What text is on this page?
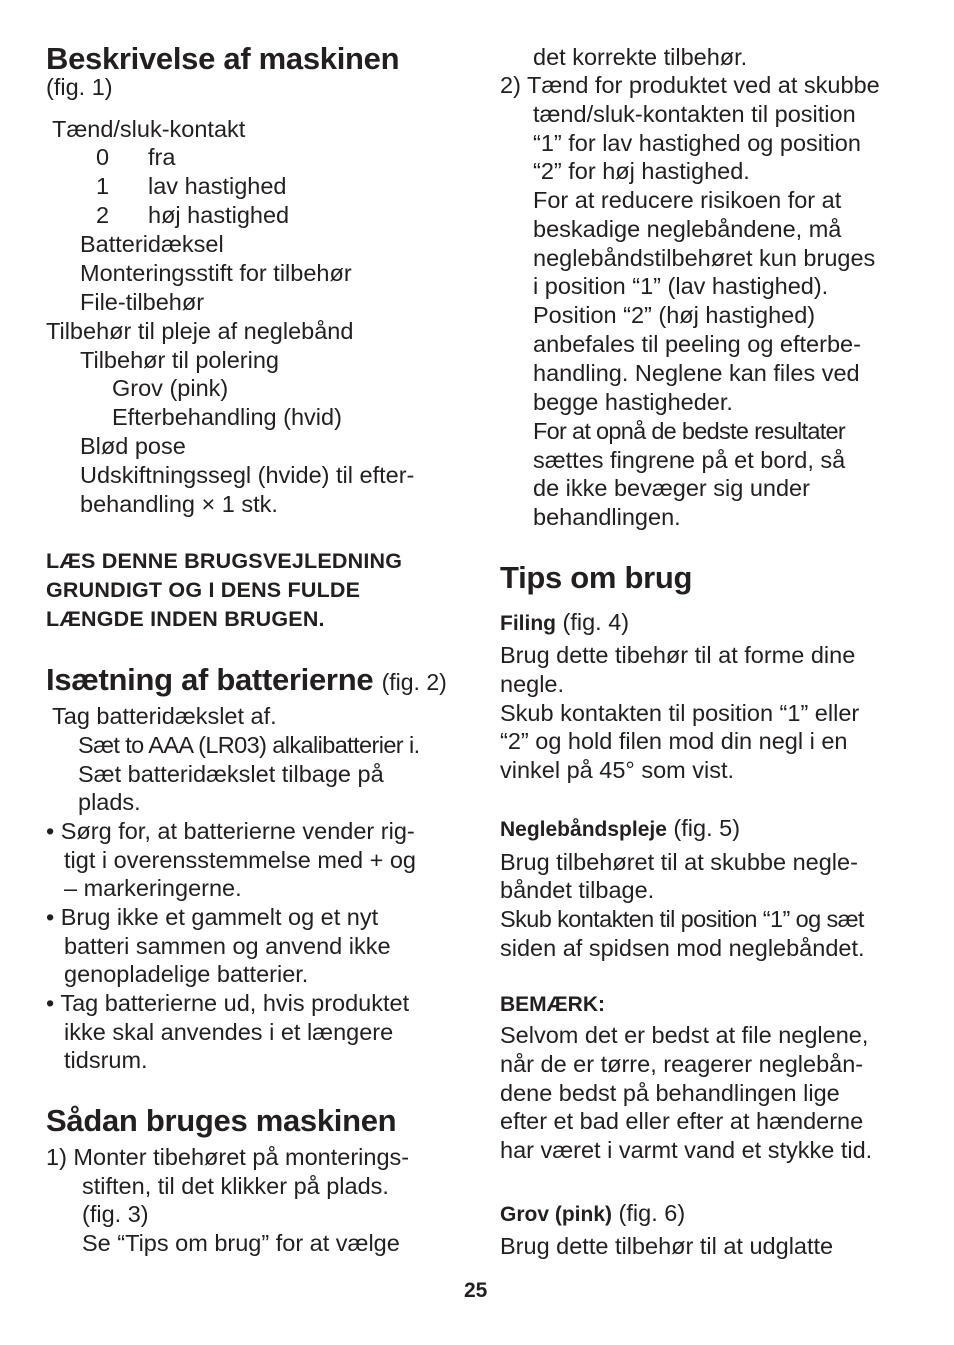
Beskrivelse af maskinen
(fig. 1)
Tænd/sluk-kontakt
0 fra
1 lav hastighed
2 høj hastighed
Batteridæksel
Monteringsstift for tilbehør
File-tilbehør
Tilbehør til pleje af neglebånd
Tilbehør til polering
Grov (pink)
Efterbehandling (hvid)
Blød pose
Udskiftningssegl (hvide) til efter-
behandling × 1 stk.
LÆS DENNE BRUGSVEJLEDNING
GRUNDIGT OG I DENS FULDE
LÆNGDE INDEN BRUGEN.
Isætning af batterierne (fig. 2)
Tag batteridækslet af.
Sæt to AAA (LR03) alkalibatterier i.
Sæt batteridækslet tilbage på
plads.
• Sørg for, at batterierne vender rig-
tigt i overensstemmelse med + og
– markeringerne.
• Brug ikke et gammelt og et nyt
batteri sammen og anvend ikke
genopladelige batterier.
• Tag batterierne ud, hvis produktet
ikke skal anvendes i et længere
tidsrum.
Sådan bruges maskinen
1) Monter tibehøret på monterings-
stiften, til det klikker på plads.
(fig. 3)
Se “Tips om brug” for at vælge
det korrekte tilbehør.
2) Tænd for produktet ved at skubbe
tænd/sluk-kontakten til position
“1” for lav hastighed og position
“2” for høj hastighed.
For at reducere risikoen for at
beskadige neglebåndene, må
neglebåndstilbehøret kun bruges
i position “1” (lav hastighed).
Position “2” (høj hastighed)
anbefales til peeling og efterbe-
handling. Neglene kan files ved
begge hastigheder.
For at opnå de bedste resultater
sættes fingrene på et bord, så
de ikke bevæger sig under
behandlingen.
Tips om brug
Filing (fig. 4)
Brug dette tibehør til at forme dine
negle.
Skub kontakten til position “1” eller
“2” og hold filen mod din negl i en
vinkel på 45° som vist.
Neglebåndspleje (fig. 5)
Brug tilbehøret til at skubbe negle-
båndet tilbage.
Skub kontakten til position “1” og sæt
siden af spidsen mod neglebåndet.
BEMÆRK:
Selvom det er bedst at file neglene,
når de er tørre, reagerer neglebån-
dene bedst på behandlingen lige
efter et bad eller efter at hænderne
har været i varmt vand et stykke tid.
Grov (pink) (fig. 6)
Brug dette tilbehør til at udglatte
25
